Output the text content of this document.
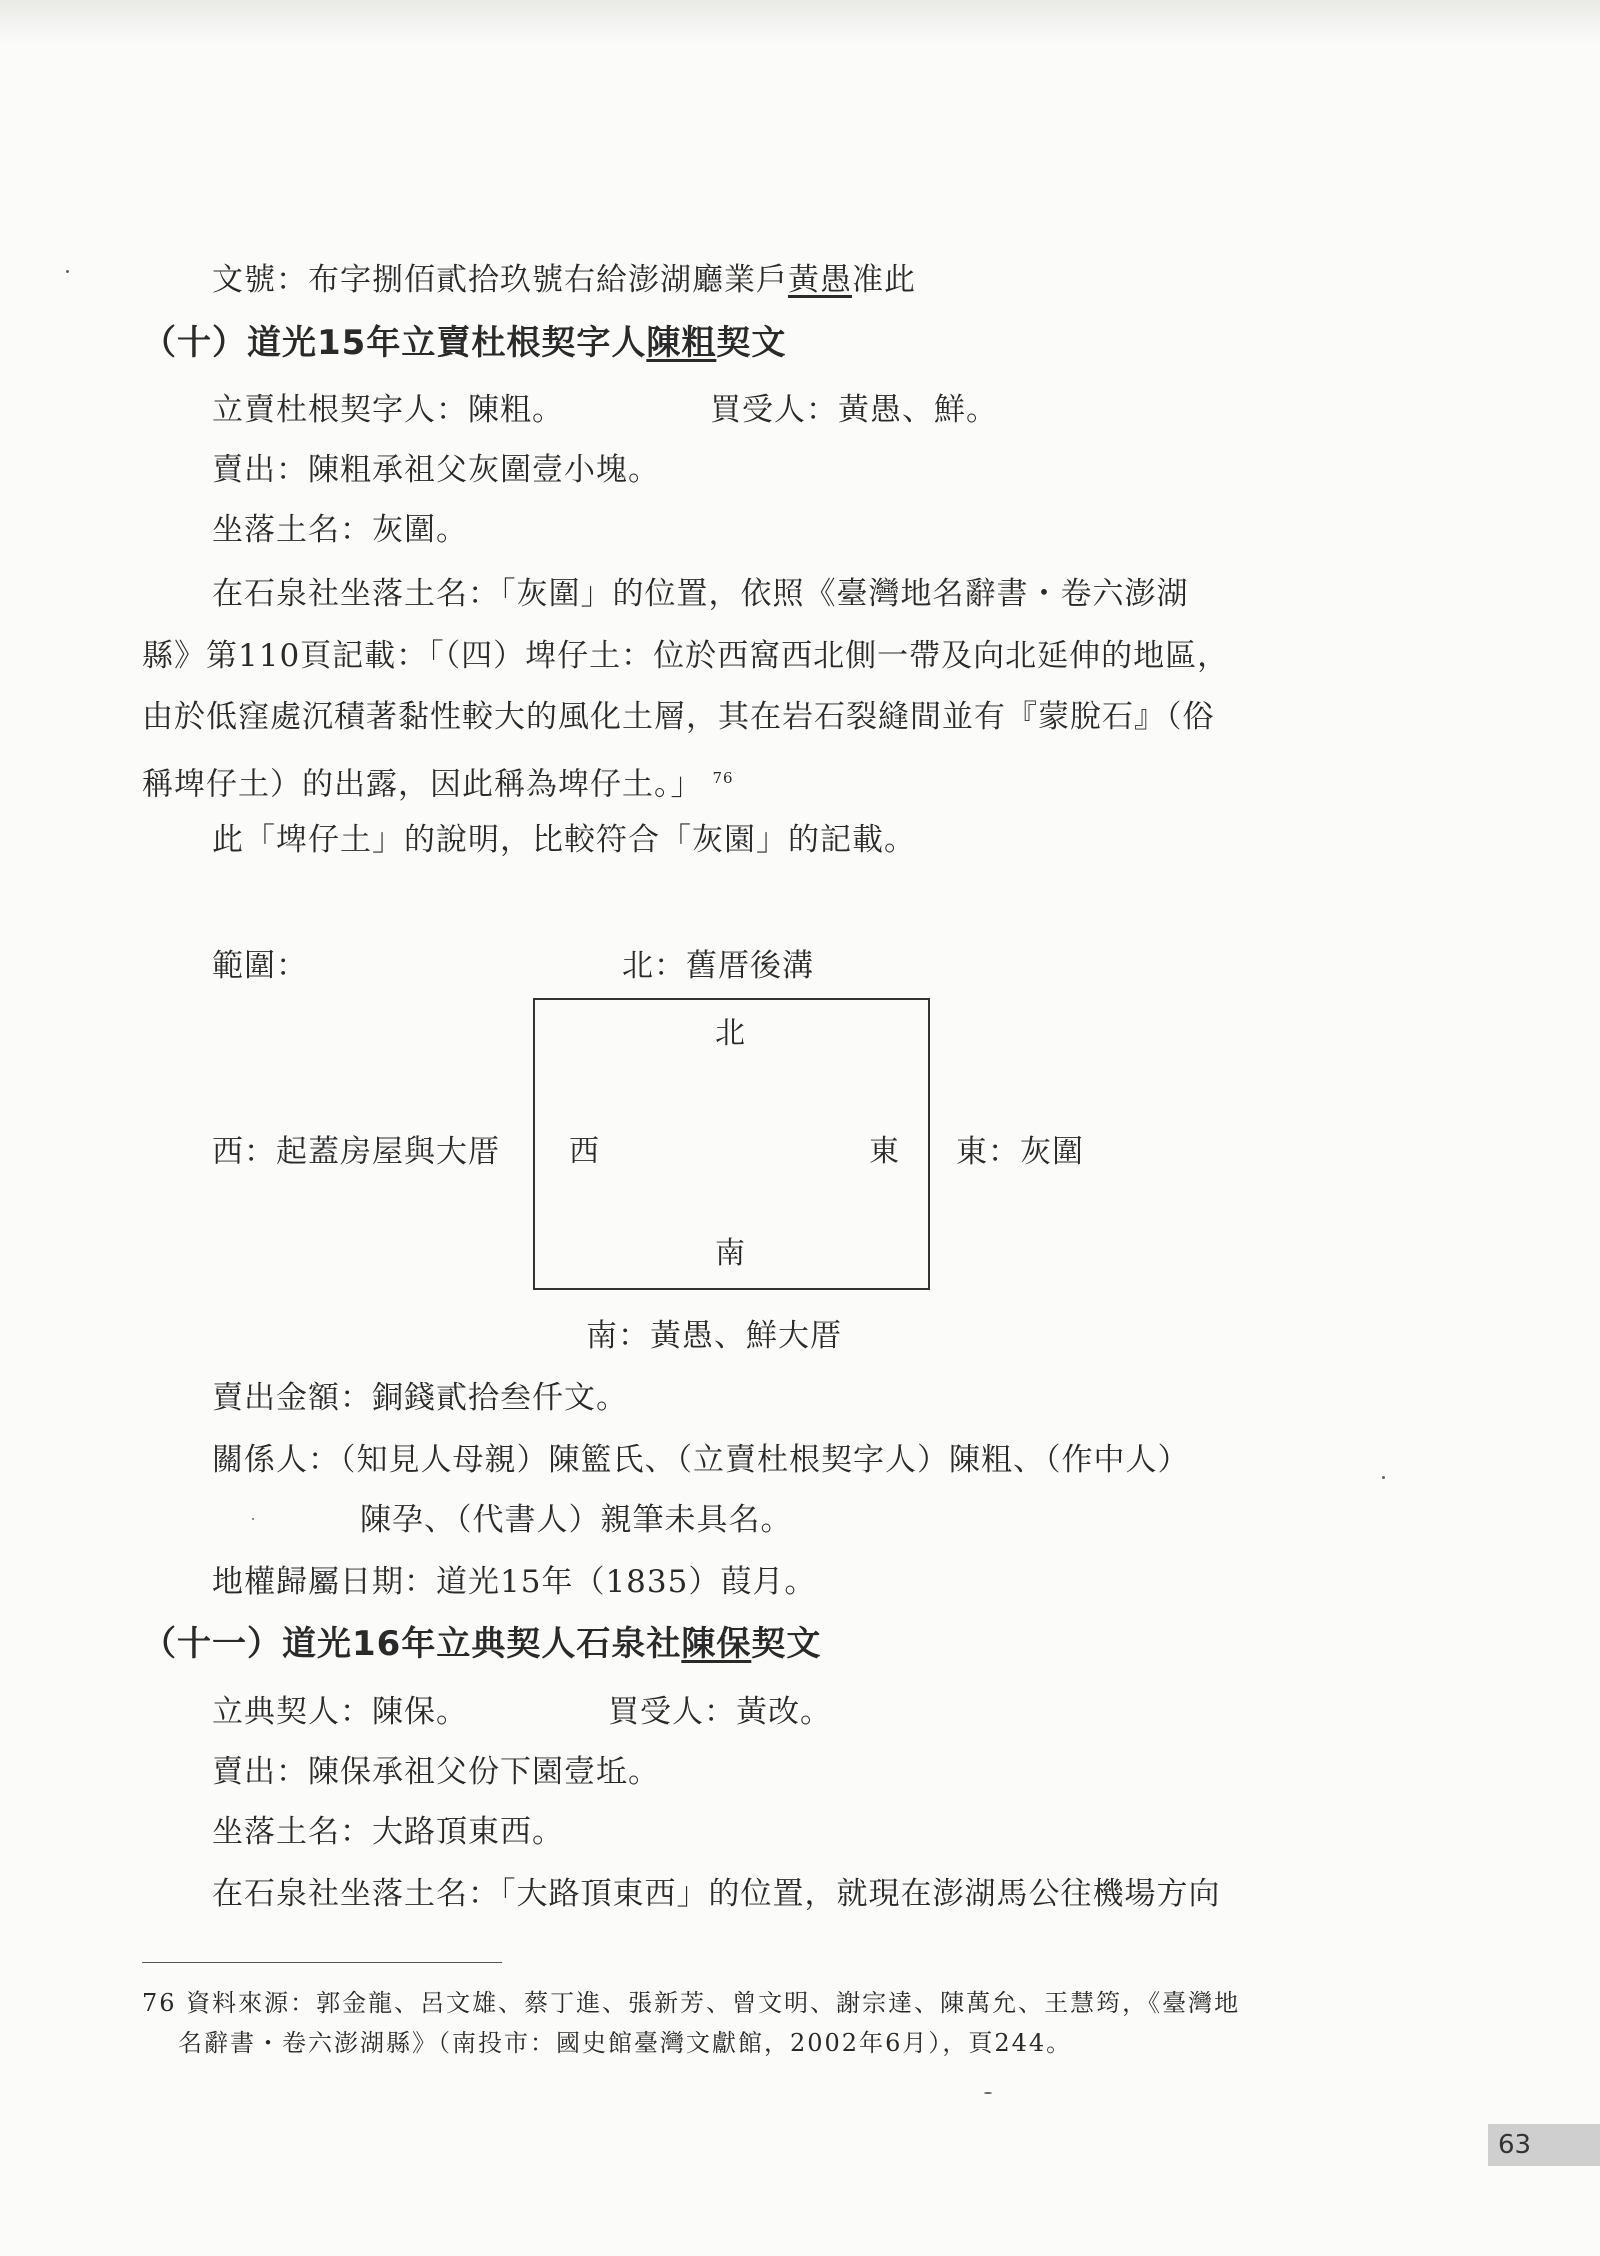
文號：布字捌佰貳拾玖號右給澎湖廳業戶黃愚准此
（十）道光15年立賣杜根契字人陳粗契文
立賣杜根契字人：陳粗。	買受人：黃愚、鮮。
賣出：陳粗承祖父灰圍壹小塊。
坐落土名：灰圍。
在石泉社坐落土名：「灰圍」的位置，依照《臺灣地名辭書・卷六澎湖
縣》第110頁記載：「（四）埤仔土：位於西窩西北側一帶及向北延伸的地區，
由於低窪處沉積著黏性較大的風化土層，其在岩石裂縫間並有『蒙脫石』（俗
稱埤仔土）的出露，因此稱為埤仔土。」 $^{76}$
此「埤仔土」的說明，比較符合「灰園」的記載。
範圍：	北：舊厝後溝
西：起蓋房屋與大厝	東：灰圍
北
西	東
南
南：黃愚、鮮大厝
賣出金額：銅錢貳拾叁仟文。
關係人：（知見人母親）陳籃氏、（立賣杜根契字人）陳粗、（作中人）
陳孕、（代書人）親筆未具名。
地權歸屬日期：道光15年（1835）葭月。
（十一）道光16年立典契人石泉社陳保契文
立典契人：陳保。	買受人：黃改。
賣出：陳保承祖父份下園壹坵。
坐落土名：大路頂東西。
在石泉社坐落土名：「大路頂東西」的位置，就現在澎湖馬公往機場方向
76 資料來源：郭金龍、呂文雄、蔡丁進、張新芳、曾文明、謝宗達、陳萬允、王慧筠，《臺灣地
名辭書・卷六澎湖縣》（南投市：國史館臺灣文獻館，2002年6月），頁244。
63
